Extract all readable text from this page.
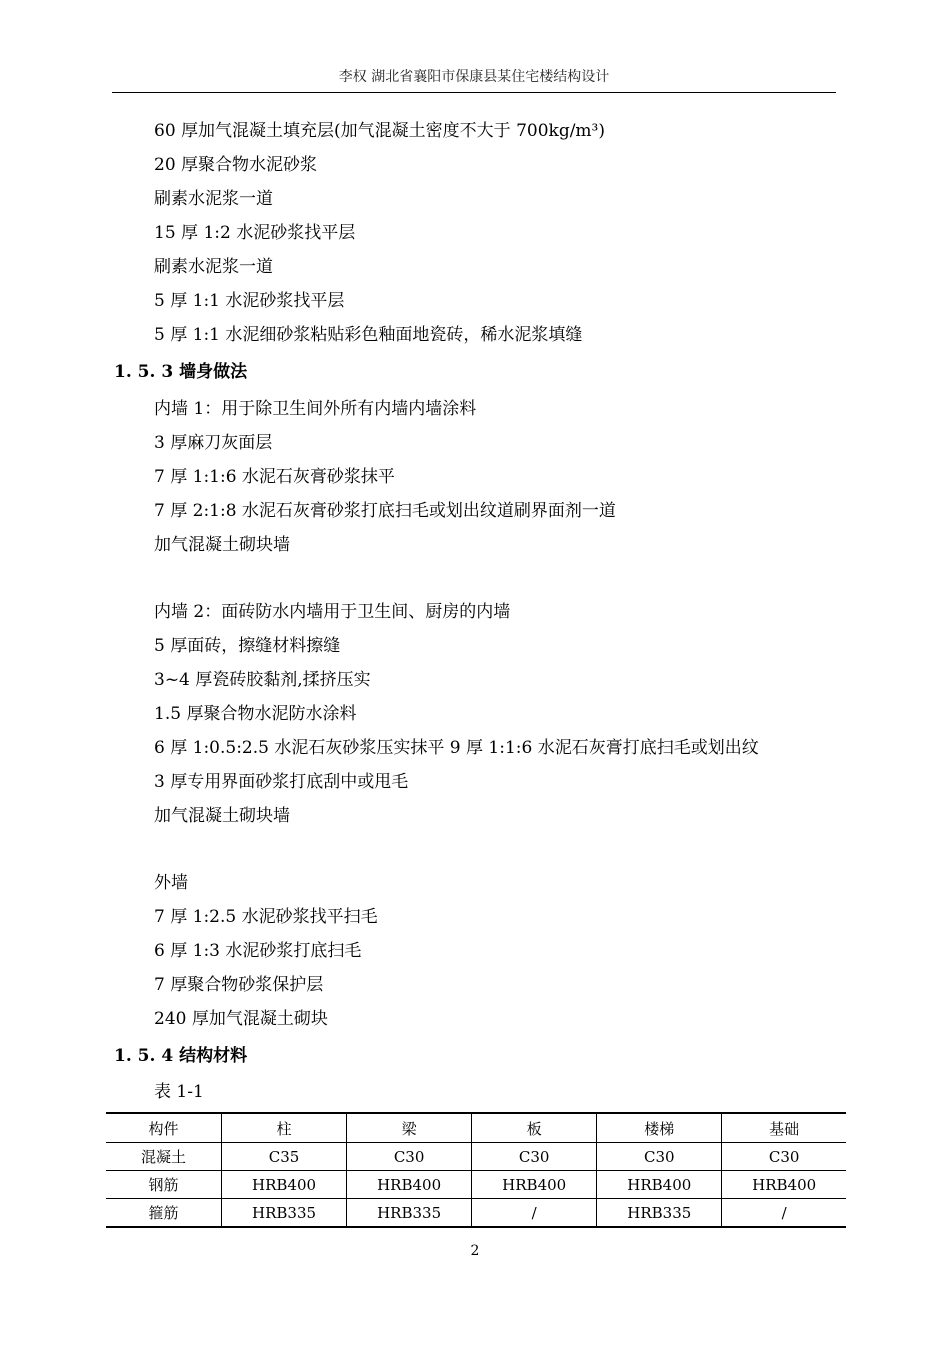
李权 湖北省襄阳市保康县某住宅楼结构设计
60 厚加气混凝土填充层(加气混凝土密度不大于 700kg/m³)
20 厚聚合物水泥砂浆
刷素水泥浆一道
15 厚 1:2 水泥砂浆找平层
刷素水泥浆一道
5 厚 1:1 水泥砂浆找平层
5 厚 1:1 水泥细砂浆粘贴彩色釉面地瓷砖，稀水泥浆填缝
1. 5. 3 墙身做法
内墙 1：用于除卫生间外所有内墙内墙涂料
3 厚麻刀灰面层
7 厚 1:1:6 水泥石灰膏砂浆抹平
7 厚 2:1:8 水泥石灰膏砂浆打底扫毛或划出纹道刷界面剂一道
加气混凝土砌块墙
内墙 2：面砖防水内墙用于卫生间、厨房的内墙
5 厚面砖，擦缝材料擦缝
3~4 厚瓷砖胶黏剂,揉挤压实
1.5 厚聚合物水泥防水涂料
6 厚 1:0.5:2.5 水泥石灰砂浆压实抹平 9 厚 1:1:6 水泥石灰膏打底扫毛或划出纹
3 厚专用界面砂浆打底刮中或甩毛
加气混凝土砌块墙
外墙
7 厚 1:2.5 水泥砂浆找平扫毛
6 厚 1:3 水泥砂浆打底扫毛
7 厚聚合物砂浆保护层
240 厚加气混凝土砌块
1. 5. 4 结构材料
表 1-1
构件	柱	梁	板	楼梯	基础
混凝土	C35	C30	C30	C30	C30
钢筋	HRB400	HRB400	HRB400	HRB400	HRB400
箍筋	HRB335	HRB335	/	HRB335	/
2
